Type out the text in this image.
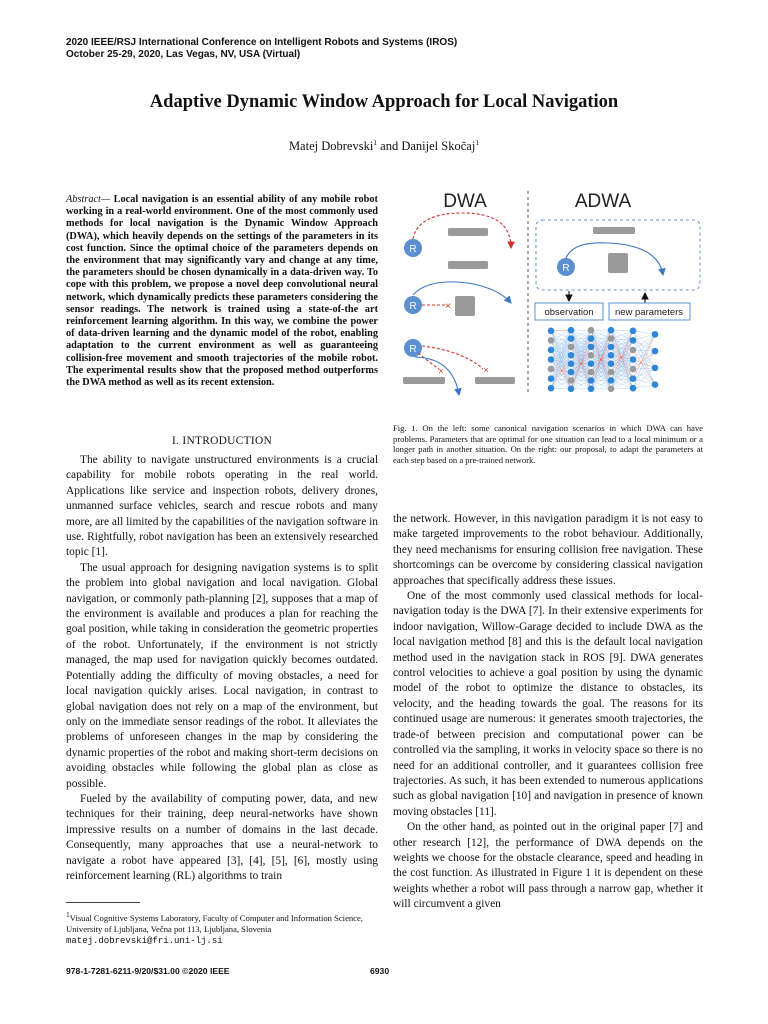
2020 IEEE/RSJ International Conference on Intelligent Robots and Systems (IROS)
October 25-29, 2020, Las Vegas, NV, USA (Virtual)
Adaptive Dynamic Window Approach for Local Navigation
Matej Dobrevski$^1$ and Danijel Skočaj$^1$
Abstract— Local navigation is an essential ability of any mobile robot working in a real-world environment. One of the most commonly used methods for local navigation is the Dynamic Window Approach (DWA), which heavily depends on the settings of the parameters in its cost function. Since the optimal choice of the parameters depends on the environment that may significantly vary and change at any time, the parameters should be chosen dynamically in a data-driven way. To cope with this problem, we propose a novel deep convolutional neural network, which dynamically predicts these parameters considering the sensor readings. The network is trained using a state-of-the art reinforcement learning algorithm. In this way, we combine the power of data-driven learning and the dynamic model of the robot, enabling adaptation to the current environment as well as guaranteeing collision-free movement and smooth trajectories of the mobile robot. The experimental results show that the proposed method outperforms the DWA method as well as its recent extension.
I. INTRODUCTION

The ability to navigate unstructured environments is a crucial capability for mobile robots operating in the real world. Applications like service and inspection robots, delivery drones, unmanned surface vehicles, search and rescue robots and many more, are all limited by the capabilities of the navigation software in use. Rightfully, robot navigation has been an extensively researched topic [1].

The usual approach for designing navigation systems is to split the problem into global navigation and local navigation. Global navigation, or commonly path-planning [2], supposes that a map of the environment is available and produces a plan for reaching the goal position, while taking in consideration the geometric properties of the robot. Unfortunately, if the environment is not strictly managed, the map used for navigation quickly becomes outdated. Potentially adding the difficulty of moving obstacles, a need for local navigation quickly arises. Local navigation, in contrast to global navigation does not rely on a map of the environment, but only on the immediate sensor readings of the robot. It alleviates the problems of unforeseen changes in the map by considering the dynamic properties of the robot and making short-term decisions on avoiding obstacles while following the global plan as close as possible.

Fueled by the availability of computing power, data, and new techniques for their training, deep neural-networks have shown impressive results on a number of domains in the last decade. Consequently, many approaches that use a neural-network to navigate a robot have appeared [3], [4], [5], [6], mostly using reinforcement learning (RL) algorithms to train

$^1$Visual Cognitive Systems Laboratory, Faculty of Computer and Information Science, University of Ljubljana, Večna pot 113, Ljubljana, Slovenia
matej.dobrevski@fri.uni-lj.si
978-1-7281-6211-9/20/$31.00 ©2020 IEEE	6930
DWA	ADWA
R
R	×
R
×	×
R
observation new parameters
Fig. 1. On the left: some canonical navigation scenarios in which DWA can have problems. Parameters that are optimal for one situation can lead to a local minimum or a longer path in another situation. On the right: our proposal, to adapt the parameters at each step based on a pre-trained network.

the network. However, in this navigation paradigm it is not easy to make targeted improvements to the robot behaviour. Additionally, they need mechanisms for ensuring collision free navigation. These shortcomings can be overcome by considering classical navigation approaches that specifically address these issues.

One of the most commonly used classical methods for local-navigation today is the DWA [7]. In their extensive experiments for indoor navigation, Willow-Garage decided to include DWA as the local navigation method [8] and this is the default local navigation method used in the navigation stack in ROS [9]. DWA generates control velocities to achieve a goal position by using the dynamic model of the robot to optimize the distance to obstacles, its velocity, and the heading towards the goal. The reasons for its continued usage are numerous: it generates smooth trajectories, the trade-of between precision and computational power can be controlled via the sampling, it works in velocity space so there is no need for an additional controller, and it guarantees collision free trajectories. As such, it has been extended to numerous applications such as global navigation [10] and navigation in presence of known moving obstacles [11].

On the other hand, as pointed out in the original paper [7] and other research [12], the performance of DWA depends on the weights we choose for the obstacle clearance, speed and heading in the cost function. As illustrated in Figure 1 it is dependent on these weights whether a robot will pass through a narrow gap, whether it will circumvent a given
